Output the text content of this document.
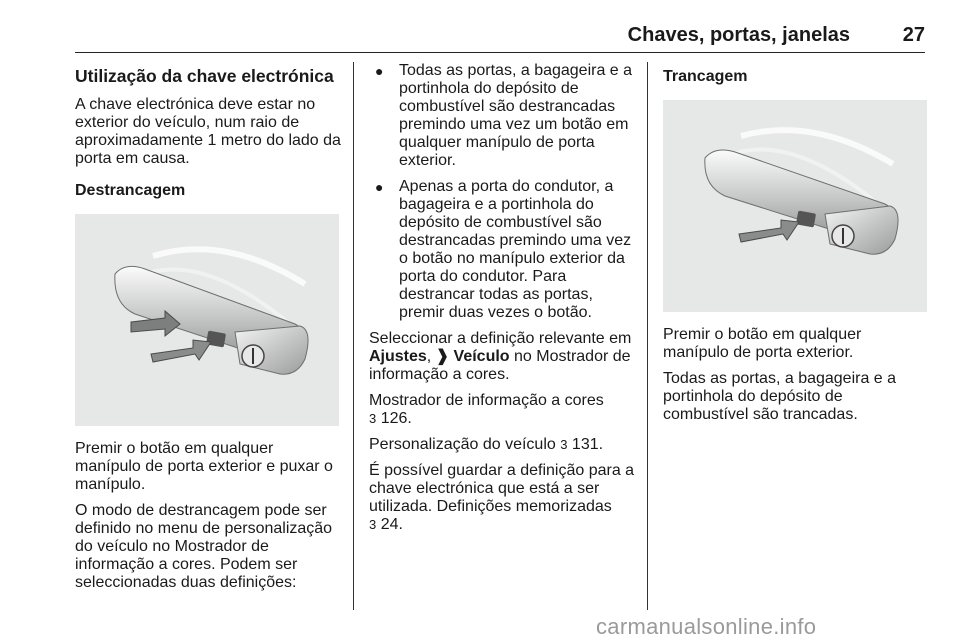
Chaves, portas, janelas	27
Utilização da chave electrónica

A chave electrónica deve estar no exterior do veículo, num raio de aproximadamente 1 metro do lado da porta em causa.

Destrancagem

Premir o botão em qualquer manípulo de porta exterior e puxar o manípulo.

O modo de destrancagem pode ser definido no menu de personalização do veículo no Mostrador de informação a cores. Podem ser seleccionadas duas definições:

● Todas as portas, a bagageira e a portinhola do depósito de combustível são destrancadas premindo uma vez um botão em qualquer manípulo de porta exterior.
● Apenas a porta do condutor, a bagageira e a portinhola do depósito de combustível são destrancadas premindo uma vez o botão no manípulo exterior da porta do condutor. Para destrancar todas as portas, premir duas vezes o botão.

Seleccionar a definição relevante em Ajustes, ❱ Veículo no Mostrador de informação a cores.

Mostrador de informação a cores
3 126.

Personalização do veículo 3 131.

É possível guardar a definição para a chave electrónica que está a ser utilizada. Definições memorizadas
3 24.

Trancagem

Premir o botão em qualquer manípulo de porta exterior.

Todas as portas, a bagageira e a portinhola do depósito de combustível são trancadas.

carmanualsonline.info
